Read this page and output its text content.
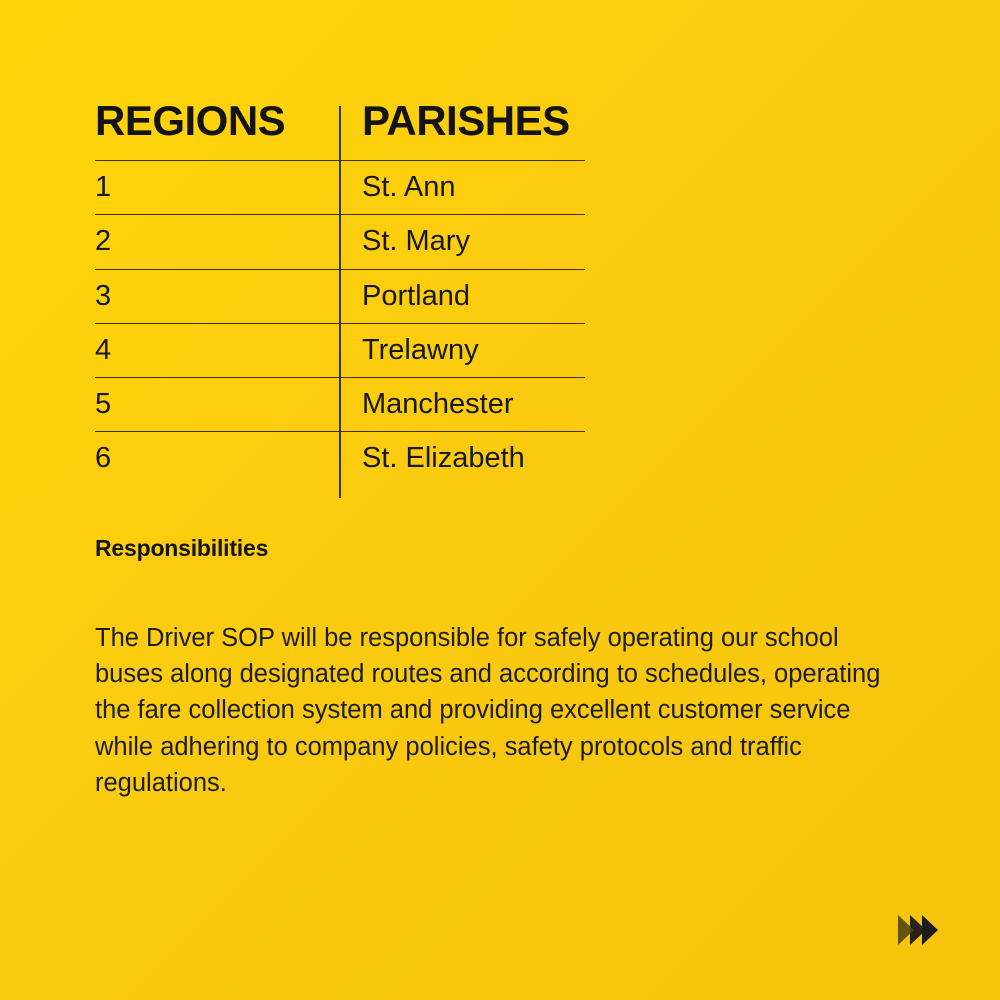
REGIONS	PARISHES
1	St. Ann
2	St. Mary
3	Portland
4	Trelawny
5	Manchester
6	St. Elizabeth
Responsibilities
The Driver SOP will be responsible for safely operating our school buses along designated routes and according to schedules, operating the fare collection system and providing excellent customer service while adhering to company policies, safety protocols and traffic regulations.
